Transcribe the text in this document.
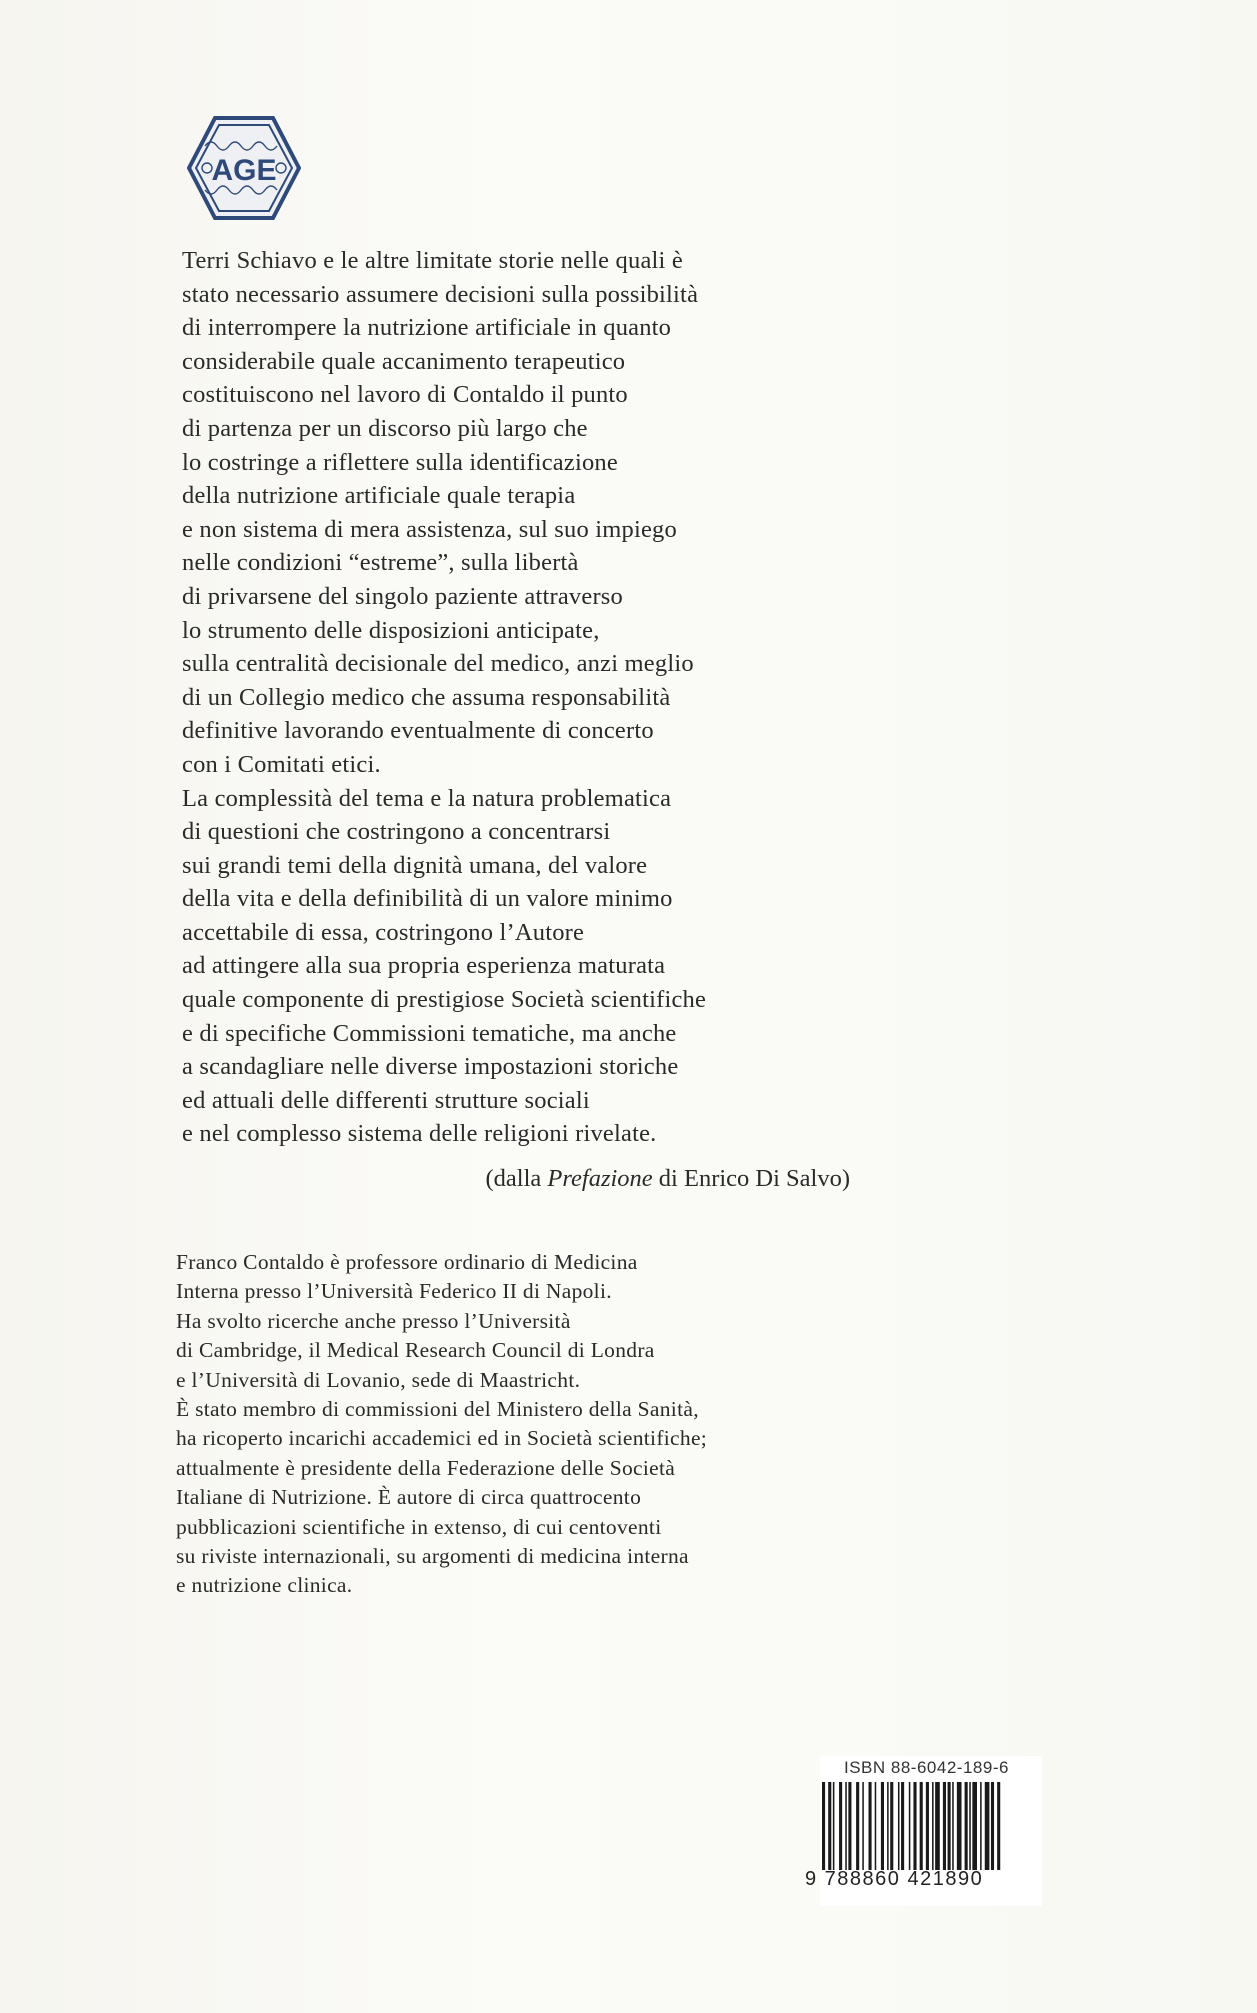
AGE

Terri Schiavo e le altre limitate storie nelle quali è
stato necessario assumere decisioni sulla possibilità
di interrompere la nutrizione artificiale in quanto
considerabile quale accanimento terapeutico
costituiscono nel lavoro di Contaldo il punto
di partenza per un discorso più largo che
lo costringe a riflettere sulla identificazione
della nutrizione artificiale quale terapia
e non sistema di mera assistenza, sul suo impiego
nelle condizioni “estreme”, sulla libertà
di privarsene del singolo paziente attraverso
lo strumento delle disposizioni anticipate,
sulla centralità decisionale del medico, anzi meglio
di un Collegio medico che assuma responsabilità
definitive lavorando eventualmente di concerto
con i Comitati etici.
La complessità del tema e la natura problematica
di questioni che costringono a concentrarsi
sui grandi temi della dignità umana, del valore
della vita e della definibilità di un valore minimo
accettabile di essa, costringono l’Autore
ad attingere alla sua propria esperienza maturata
quale componente di prestigiose Società scientifiche
e di specifiche Commissioni tematiche, ma anche
a scandagliare nelle diverse impostazioni storiche
ed attuali delle differenti strutture sociali
e nel complesso sistema delle religioni rivelate.

(dalla Prefazione di Enrico Di Salvo)
Franco Contaldo è professore ordinario di Medicina
Interna presso l’Università Federico II di Napoli.
Ha svolto ricerche anche presso l’Università
di Cambridge, il Medical Research Council di Londra
e l’Università di Lovanio, sede di Maastricht.
È stato membro di commissioni del Ministero della Sanità,
ha ricoperto incarichi accademici ed in Società scientifiche;
attualmente è presidente della Federazione delle Società
Italiane di Nutrizione. È autore di circa quattrocento
pubblicazioni scientifiche in extenso, di cui centoventi
su riviste internazionali, su argomenti di medicina interna
e nutrizione clinica.
ISBN 88-6042-189-6
9 788860 421890
